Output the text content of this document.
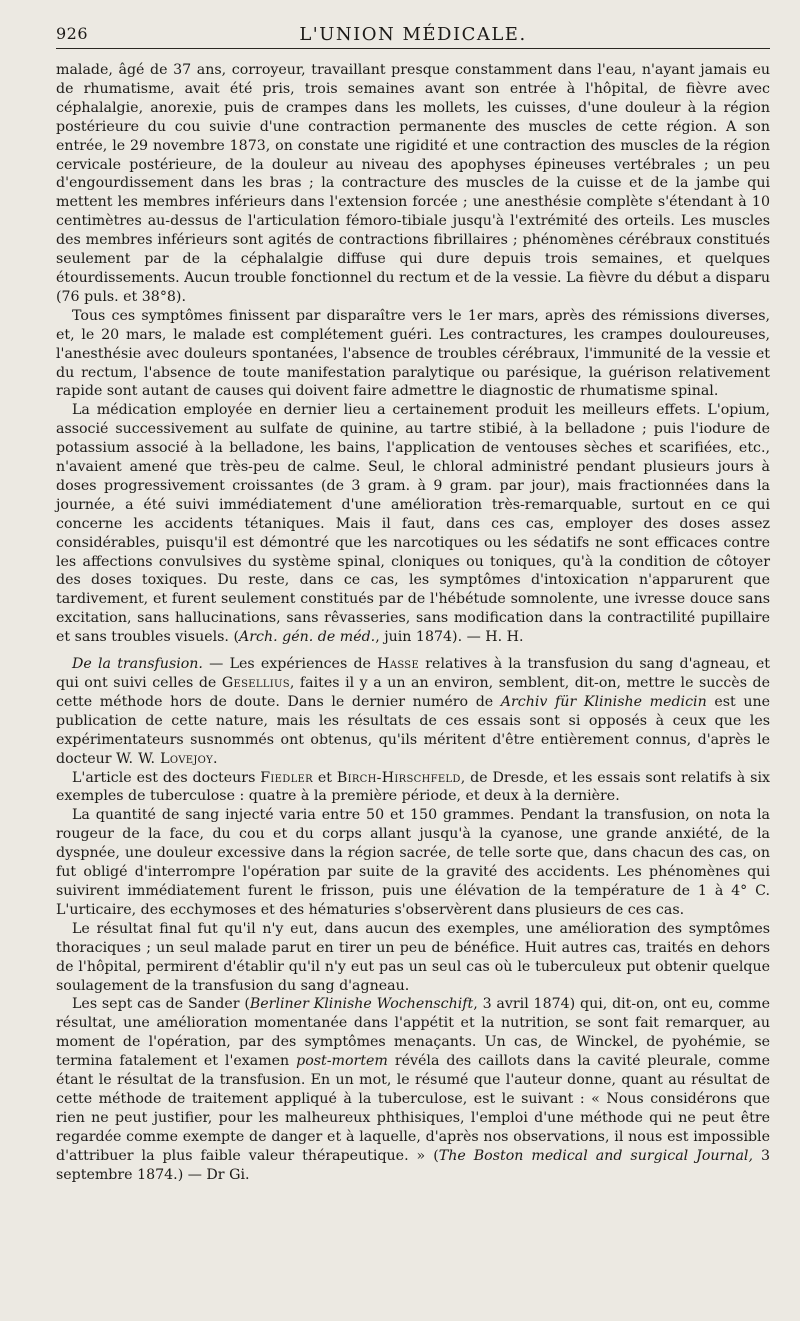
926	L'UNION MÉDICALE.

malade, âgé de 37 ans, corroyeur, travaillant presque constamment dans l'eau, n'ayant jamais eu de rhumatisme, avait été pris, trois semaines avant son entrée à l'hôpital, de fièvre avec céphalalgie, anorexie, puis de crampes dans les mollets, les cuisses, d'une douleur à la région postérieure du cou suivie d'une contraction permanente des muscles de cette région. A son entrée, le 29 novembre 1873, on constate une rigidité et une contraction des muscles de la région cervicale postérieure, de la douleur au niveau des apophyses épineuses vertébrales ; un peu d'engourdissement dans les bras ; la contracture des muscles de la cuisse et de la jambe qui mettent les membres inférieurs dans l'extension forcée ; une anesthésie complète s'étendant à 10 centimètres au-dessus de l'articulation fémoro-tibiale jusqu'à l'extrémité des orteils. Les muscles des membres inférieurs sont agités de contractions fibrillaires ; phénomènes cérébraux constitués seulement par de la céphalalgie diffuse qui dure depuis trois semaines, et quelques étourdissements. Aucun trouble fonctionnel du rectum et de la vessie. La fièvre du début a disparu (76 puls. et 38°8).

Tous ces symptômes finissent par disparaître vers le 1er mars, après des rémissions diverses, et, le 20 mars, le malade est complétement guéri. Les contractures, les crampes douloureuses, l'anesthésie avec douleurs spontanées, l'absence de troubles cérébraux, l'immunité de la vessie et du rectum, l'absence de toute manifestation paralytique ou parésique, la guérison relativement rapide sont autant de causes qui doivent faire admettre le diagnostic de rhumatisme spinal.

La médication employée en dernier lieu a certainement produit les meilleurs effets. L'opium, associé successivement au sulfate de quinine, au tartre stibié, à la belladone ; puis l'iodure de potassium associé à la belladone, les bains, l'application de ventouses sèches et scarifiées, etc., n'avaient amené que très-peu de calme. Seul, le chloral administré pendant plusieurs jours à doses progressivement croissantes (de 3 gram. à 9 gram. par jour), mais fractionnées dans la journée, a été suivi immédiatement d'une amélioration très-remarquable, surtout en ce qui concerne les accidents tétaniques. Mais il faut, dans ces cas, employer des doses assez considérables, puisqu'il est démontré que les narcotiques ou les sédatifs ne sont efficaces contre les affections convulsives du système spinal, cloniques ou toniques, qu'à la condition de côtoyer des doses toxiques. Du reste, dans ce cas, les symptômes d'intoxication n'apparurent que tardivement, et furent seulement constitués par de l'hébétude somnolente, une ivresse douce sans excitation, sans hallucinations, sans rêvasseries, sans modification dans la contractilité pupillaire et sans troubles visuels. (Arch. gén. de méd., juin 1874). — H. H.

De la transfusion. — Les expériences de Hasse relatives à la transfusion du sang d'agneau, et qui ont suivi celles de Gesellius, faites il y a un an environ, semblent, dit-on, mettre le succès de cette méthode hors de doute. Dans le dernier numéro de Archiv für Klinishe medicin est une publication de cette nature, mais les résultats de ces essais sont si opposés à ceux que les expérimentateurs susnommés ont obtenus, qu'ils méritent d'être entièrement connus, d'après le docteur W. W. Lovejoy.

L'article est des docteurs Fiedler et Birch-Hirschfeld, de Dresde, et les essais sont relatifs à six exemples de tuberculose : quatre à la première période, et deux à la dernière.

La quantité de sang injecté varia entre 50 et 150 grammes. Pendant la transfusion, on nota la rougeur de la face, du cou et du corps allant jusqu'à la cyanose, une grande anxiété, de la dyspnée, une douleur excessive dans la région sacrée, de telle sorte que, dans chacun des cas, on fut obligé d'interrompre l'opération par suite de la gravité des accidents. Les phénomènes qui suivirent immédiatement furent le frisson, puis une élévation de la température de 1 à 4° C. L'urticaire, des ecchymoses et des hématuries s'observèrent dans plusieurs de ces cas.

Le résultat final fut qu'il n'y eut, dans aucun des exemples, une amélioration des symptômes thoraciques ; un seul malade parut en tirer un peu de bénéfice. Huit autres cas, traités en dehors de l'hôpital, permirent d'établir qu'il n'y eut pas un seul cas où le tuberculeux put obtenir quelque soulagement de la transfusion du sang d'agneau.

Les sept cas de Sander (Berliner Klinishe Wochenschift, 3 avril 1874) qui, dit-on, ont eu, comme résultat, une amélioration momentanée dans l'appétit et la nutrition, se sont fait remarquer, au moment de l'opération, par des symptômes menaçants. Un cas, de Winckel, de pyohémie, se termina fatalement et l'examen post-mortem révéla des caillots dans la cavité pleurale, comme étant le résultat de la transfusion. En un mot, le résumé que l'auteur donne, quant au résultat de cette méthode de traitement appliqué à la tuberculose, est le suivant : « Nous considérons que rien ne peut justifier, pour les malheureux phthisiques, l'emploi d'une méthode qui ne peut être regardée comme exempte de danger et à laquelle, d'après nos observations, il nous est impossible d'attribuer la plus faible valeur thérapeutique. » (The Boston medical and surgical Journal, 3 septembre 1874.) — Dr Gi.
